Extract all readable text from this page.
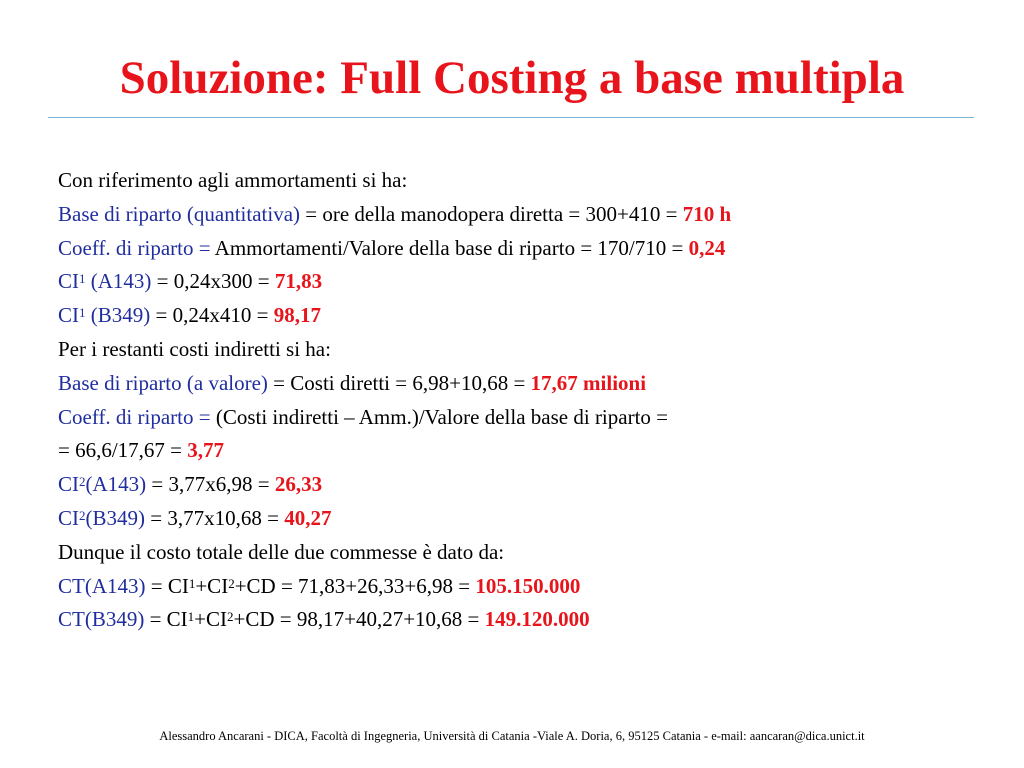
Soluzione: Full Costing a base multipla
Con riferimento agli ammortamenti si ha:
Base di riparto (quantitativa) = ore della manodopera diretta = 300+410 = 710 h
Coeff. di riparto = Ammortamenti/Valore della base di riparto = 170/710 = 0,24
$CI^1$ (A143) = 0,24x300 = 71,83
$CI^1$ (B349) = 0,24x410 = 98,17
Per i restanti costi indiretti si ha:
Base di riparto (a valore) = Costi diretti = 6,98+10,68 = 17,67 milioni
Coeff. di riparto = (Costi indiretti – Amm.)/Valore della base di riparto =
= 66,6/17,67 = 3,77
$CI^2(A143) = 3,77x6,98 = 26,33$
$CI^2(B349) = 3,77x10,68 = 40,27$
Dunque il costo totale delle due commesse è dato da:
$CT(A143) = CI^1+CI^2+CD = 71,83+26,33+6,98 = 105.150.000$
$CT(B349) = CI^1+CI^2+CD = 98,17+40,27+10,68 = 149.120.000$
Alessandro Ancarani - DICA, Facoltà di Ingegneria, Università di Catania -Viale A. Doria, 6, 95125 Catania - e-mail: aancaran@dica.unict.it
